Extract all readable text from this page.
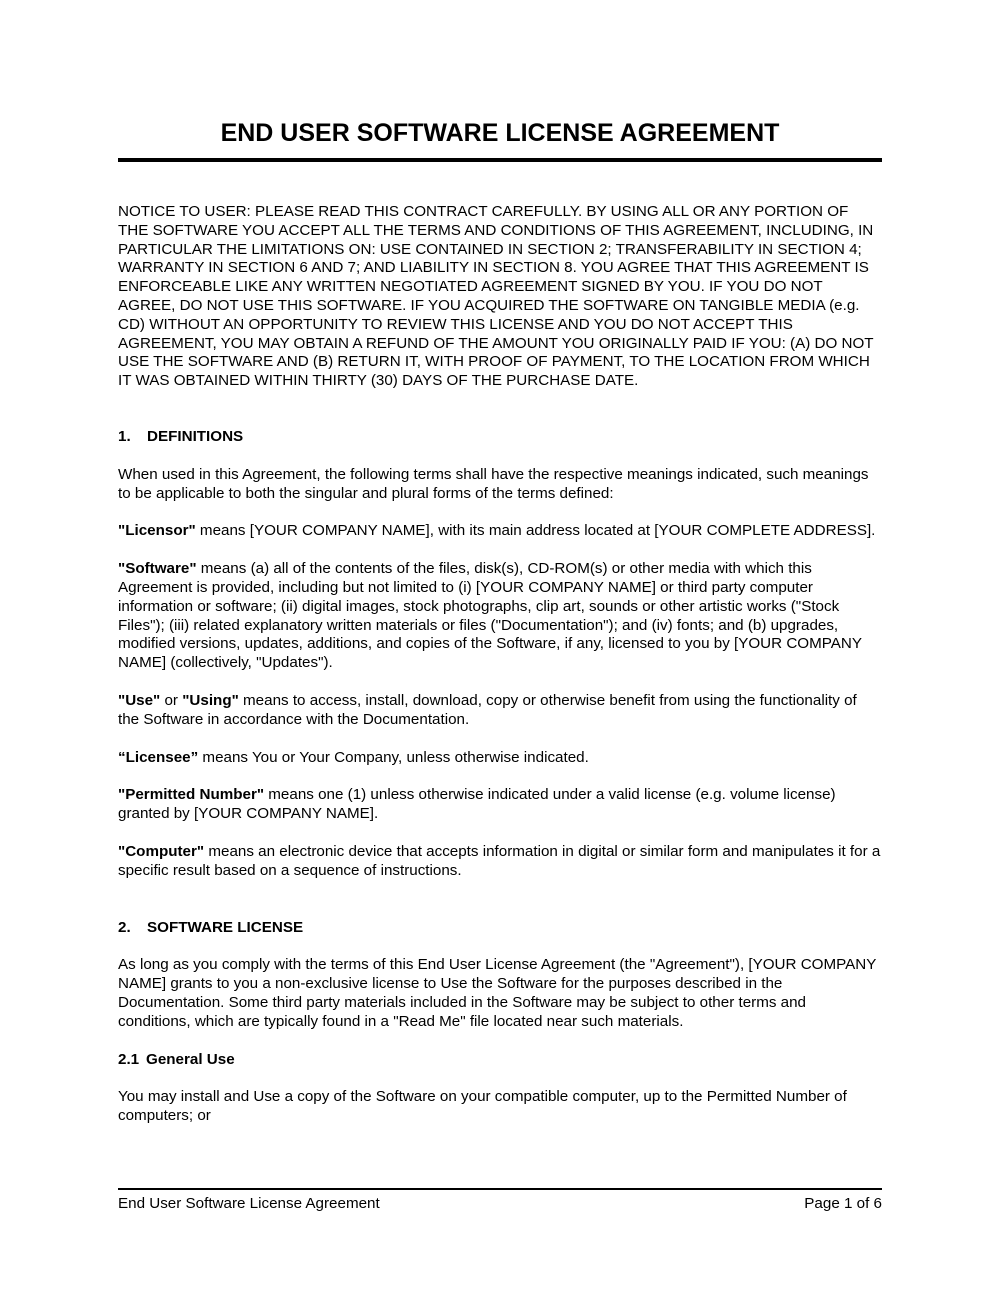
END USER SOFTWARE LICENSE AGREEMENT

NOTICE TO USER: PLEASE READ THIS CONTRACT CAREFULLY. BY USING ALL OR ANY PORTION OF THE SOFTWARE YOU ACCEPT ALL THE TERMS AND CONDITIONS OF THIS AGREEMENT, INCLUDING, IN PARTICULAR THE LIMITATIONS ON: USE CONTAINED IN SECTION 2; TRANSFERABILITY IN SECTION 4; WARRANTY IN SECTION 6 AND 7; AND LIABILITY IN SECTION 8. YOU AGREE THAT THIS AGREEMENT IS ENFORCEABLE LIKE ANY WRITTEN NEGOTIATED AGREEMENT SIGNED BY YOU. IF YOU DO NOT AGREE, DO NOT USE THIS SOFTWARE. IF YOU ACQUIRED THE SOFTWARE ON TANGIBLE MEDIA (e.g. CD) WITHOUT AN OPPORTUNITY TO REVIEW THIS LICENSE AND YOU DO NOT ACCEPT THIS AGREEMENT, YOU MAY OBTAIN A REFUND OF THE AMOUNT YOU ORIGINALLY PAID IF YOU: (A) DO NOT USE THE SOFTWARE AND (B) RETURN IT, WITH PROOF OF PAYMENT, TO THE LOCATION FROM WHICH IT WAS OBTAINED WITHIN THIRTY (30) DAYS OF THE PURCHASE DATE.

1. DEFINITIONS

When used in this Agreement, the following terms shall have the respective meanings indicated, such meanings to be applicable to both the singular and plural forms of the terms defined:

"Licensor" means [YOUR COMPANY NAME], with its main address located at [YOUR COMPLETE ADDRESS].

"Software" means (a) all of the contents of the files, disk(s), CD-ROM(s) or other media with which this Agreement is provided, including but not limited to (i) [YOUR COMPANY NAME] or third party computer information or software; (ii) digital images, stock photographs, clip art, sounds or other artistic works ("Stock Files"); (iii) related explanatory written materials or files ("Documentation"); and (iv) fonts; and (b) upgrades, modified versions, updates, additions, and copies of the Software, if any, licensed to you by [YOUR COMPANY NAME] (collectively, "Updates").

"Use" or "Using" means to access, install, download, copy or otherwise benefit from using the functionality of the Software in accordance with the Documentation.

“Licensee” means You or Your Company, unless otherwise indicated.

"Permitted Number" means one (1) unless otherwise indicated under a valid license (e.g. volume license) granted by [YOUR COMPANY NAME].

"Computer" means an electronic device that accepts information in digital or similar form and manipulates it for a specific result based on a sequence of instructions.

2. SOFTWARE LICENSE

As long as you comply with the terms of this End User License Agreement (the "Agreement"), [YOUR COMPANY NAME] grants to you a non-exclusive license to Use the Software for the purposes described in the Documentation. Some third party materials included in the Software may be subject to other terms and conditions, which are typically found in a "Read Me" file located near such materials.

2.1 General Use

You may install and Use a copy of the Software on your compatible computer, up to the Permitted Number of computers; or

End User Software License Agreement	Page 1 of 6
